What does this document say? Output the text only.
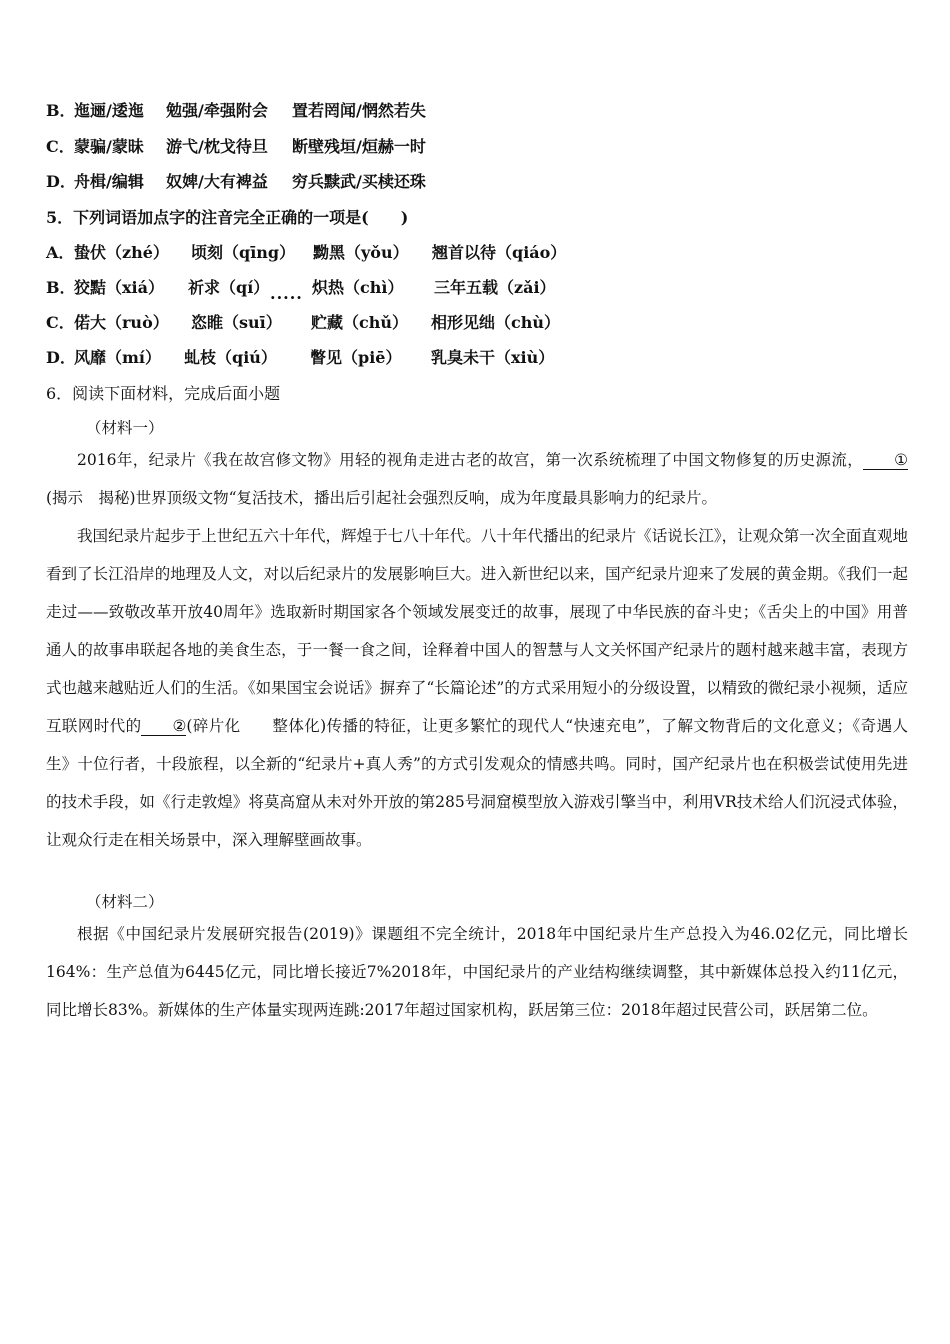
B．迤逦/逶迤 勉强/牵强附会 置若罔闻/惘然若失
C．蒙骗/蒙昧 游弋/枕戈待旦 断壁残垣/烜赫一时
D．舟楫/编辑 奴婢/大有裨益 穷兵黩武/买椟还珠
5．下列词语加点字的注音完全正确的一项是(　　)
A．蛰伏（zhé） 顷刻（qīng） 黝黑（yǒu） 翘首以待（qiáo）
B．狡黠（xiá） 祈求（qí）..... 炽热（chì） 三年五载（zǎi）
C．偌大（ruò） 恣睢（suī） 贮藏（chǔ） 相形见绌（chù）
D．风靡（mí） 虬枝（qiú） 瞥见（piē） 乳臭未干（xiù）
6．阅读下面材料，完成后面小题
（材料一）
2016年，纪录片《我在故宫修文物》用轻的视角走进古老的故宫，第一次系统梳理了中国文物修复的历史源流， ①(揭示　揭秘)世界顶级文物“复活技术，播出后引起社会强烈反响，成为年度最具影响力的纪录片。
我国纪录片起步于上世纪五六十年代，辉煌于七八十年代。八十年代播出的纪录片《话说长江》，让观众第一次全面直观地看到了长江沿岸的地理及人文，对以后纪录片的发展影响巨大。进入新世纪以来，国产纪录片迎来了发展的黄金期。《我们一起走过——致敬改革开放40周年》选取新时期国家各个领域发展变迁的故事，展现了中华民族的奋斗史；《舌尖上的中国》用普通人的故事串联起各地的美食生态，于一餐一食之间，诠释着中国人的智慧与人文关怀国产纪录片的题村越来越丰富，表现方式也越来越贴近人们的生活。《如果国宝会说话》摒弃了“长篇论述”的方式采用短小的分级设置，以精致的微纪录小视频，适应互联网时代的 ②(碎片化　　整体化)传播的特征，让更多繁忙的现代人“快速充电”，了解文物背后的文化意义；《奇遇人生》十位行者，十段旅程，以全新的“纪录片+真人秀”的方式引发观众的情感共鸣。同时，国产纪录片也在积极尝试使用先进的技术手段，如《行走敦煌》将莫高窟从未对外开放的第285号洞窟模型放入游戏引擎当中，利用VR技术给人们沉浸式体验，让观众行走在相关场景中，深入理解壁画故事。
（材料二）
根据《中国纪录片发展研究报告(2019)》课题组不完全统计，2018年中国纪录片生产总投入为46.02亿元，同比增长164%：生产总值为6445亿元，同比增长接近7%2018年，中国纪录片的产业结构继续调整，其中新媒体总投入约11亿元，同比增长83%。新媒体的生产体量实现两连跳:2017年超过国家机构，跃居第三位：2018年超过民营公司，跃居第二位。
